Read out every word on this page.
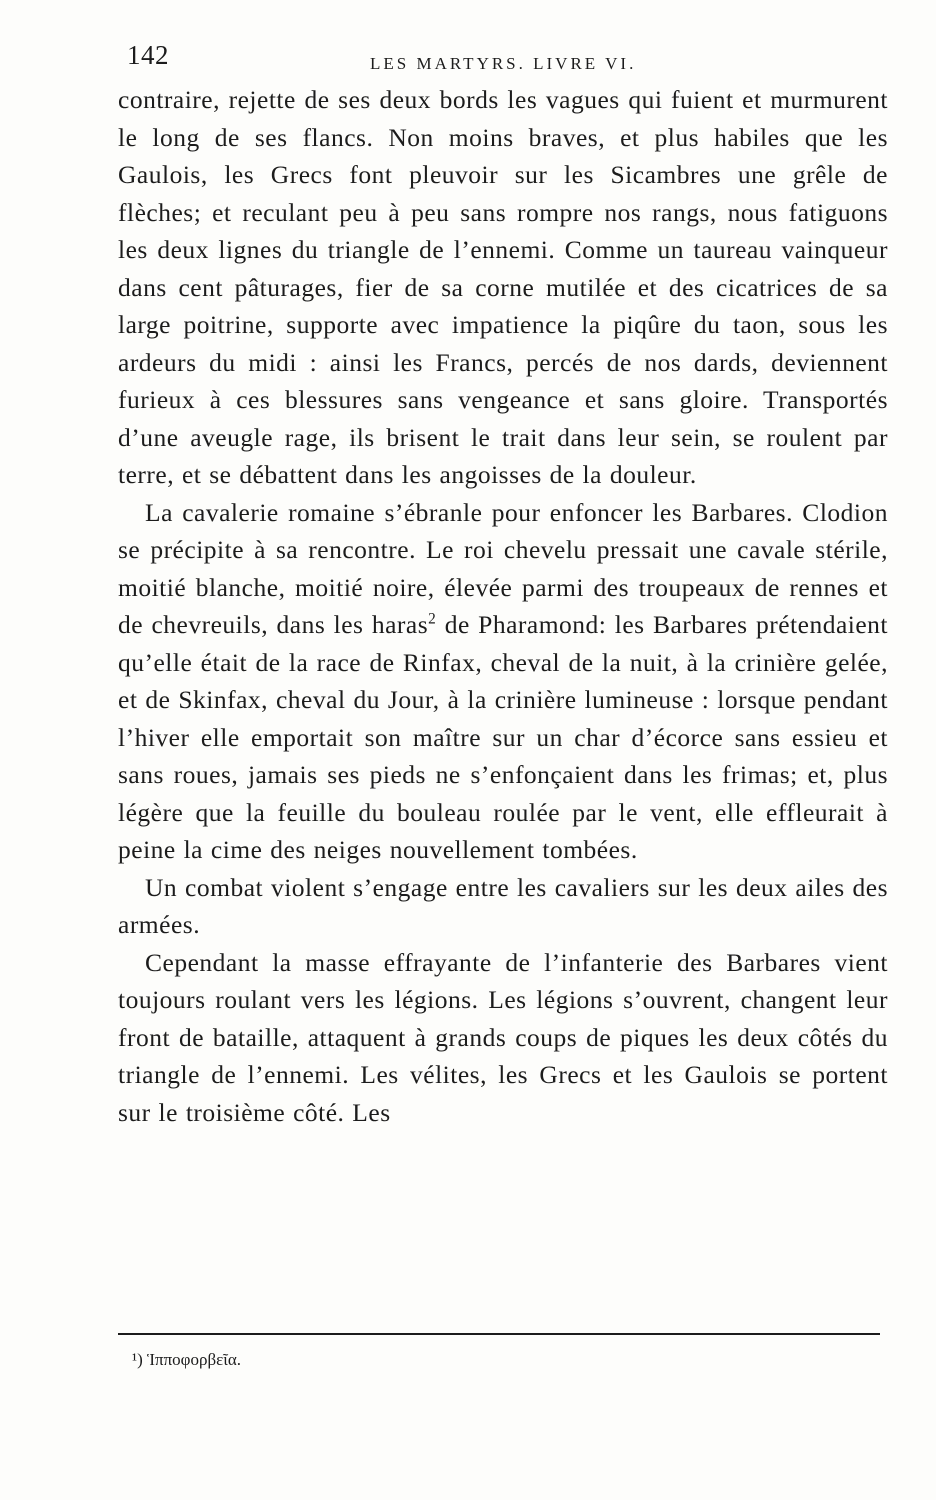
142	LES MARTYRS. LIVRE VI.

contraire, rejette de ses deux bords les vagues qui fuient et murmurent le long de ses flancs. Non moins braves, et plus habiles que les Gaulois, les Grecs font pleuvoir sur les Sicambres une grêle de flèches; et reculant peu à peu sans rompre nos rangs, nous fatiguons les deux lignes du triangle de l’ennemi. Comme un taureau vainqueur dans cent pâturages, fier de sa corne mutilée et des cicatrices de sa large poitrine, supporte avec impatience la piqûre du taon, sous les ardeurs du midi : ainsi les Francs, percés de nos dards, deviennent furieux à ces blessures sans vengeance et sans gloire. Transportés d’une aveugle rage, ils brisent le trait dans leur sein, se roulent par terre, et se débattent dans les angoisses de la douleur.

La cavalerie romaine s’ébranle pour enfoncer les Barbares. Clodion se précipite à sa rencontre. Le roi chevelu pressait une cavale stérile, moitié blanche, moitié noire, élevée parmi des troupeaux de rennes et de chevreuils, dans les haras$^2$ de Pharamond: les Barbares prétendaient qu’elle était de la race de Rinfax, cheval de la nuit, à la crinière gelée, et de Skinfax, cheval du Jour, à la crinière lumineuse : lorsque pendant l’hiver elle emportait son maître sur un char d’écorce sans essieu et sans roues, jamais ses pieds ne s’enfonçaient dans les frimas; et, plus légère que la feuille du bouleau roulée par le vent, elle effleurait à peine la cime des neiges nouvellement tombées.

Un combat violent s’engage entre les cavaliers sur les deux ailes des armées.

Cependant la masse effrayante de l’infanterie des Barbares vient toujours roulant vers les légions. Les légions s’ouvrent, changent leur front de bataille, attaquent à grands coups de piques les deux côtés du triangle de l’ennemi. Les vélites, les Grecs et les Gaulois se portent sur le troisième côté. Les

¹) Ἱπποφορβεῖα.
